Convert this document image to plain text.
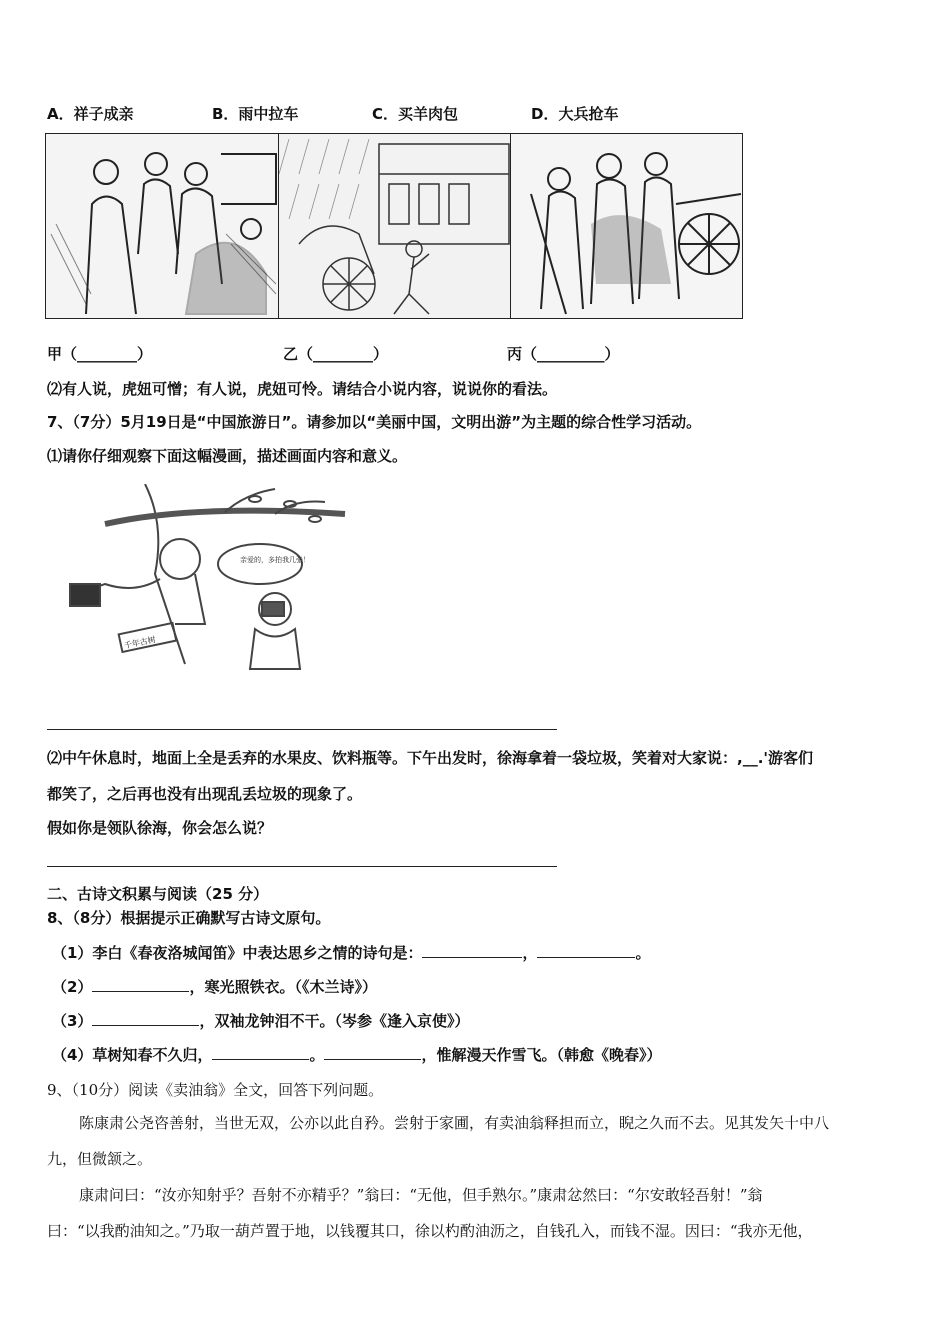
A．祥子成亲	B．雨中拉车	C．买羊肉包	D．大兵抢车
甲（________）	乙（________）	丙（_________）
⑵有人说，虎妞可憎；有人说，虎妞可怜。请结合小说内容，说说你的看法。
7、（7分）5月19日是“中国旅游日”。请参加以“美丽中国，文明出游”为主题的综合性学习活动。
⑴请你仔细观察下面这幅漫画，描述画面内容和意义。
亲爱的，多拍我几张！
千年古树
⑵中午休息时，地面上全是丢弃的水果皮、饮料瓶等。下午出发时，徐海拿着一袋垃圾，笑着对大家说：,__.'游客们
都笑了，之后再也没有出现乱丢垃圾的现象了。
假如你是领队徐海，你会怎么说？
二、古诗文积累与阅读（25 分）
8、（8分）根据提示正确默写古诗文原句。
（1）李白《春夜洛城闻笛》中表达思乡之情的诗句是：	，	。
（2）	，寒光照铁衣。（《木兰诗》）
（3）	，双袖龙钟泪不干。（岑参《逢入京使》）
（4）草树知春不久归，	。	，惟解漫天作雪飞。（韩愈《晚春》）
9、（10分）阅读《卖油翁》全文，回答下列问题。
陈康肃公尧咨善射，当世无双，公亦以此自矜。尝射于家圃，有卖油翁释担而立，睨之久而不去。见其发矢十中八
九，但微颔之。
康肃问曰：“汝亦知射乎？吾射不亦精乎？”翁曰：“无他，但手熟尔。”康肃忿然曰：“尔安敢轻吾射！”翁
曰：“以我酌油知之。”乃取一葫芦置于地，以钱覆其口，徐以杓酌油沥之，自钱孔入，而钱不湿。因曰：“我亦无他，
